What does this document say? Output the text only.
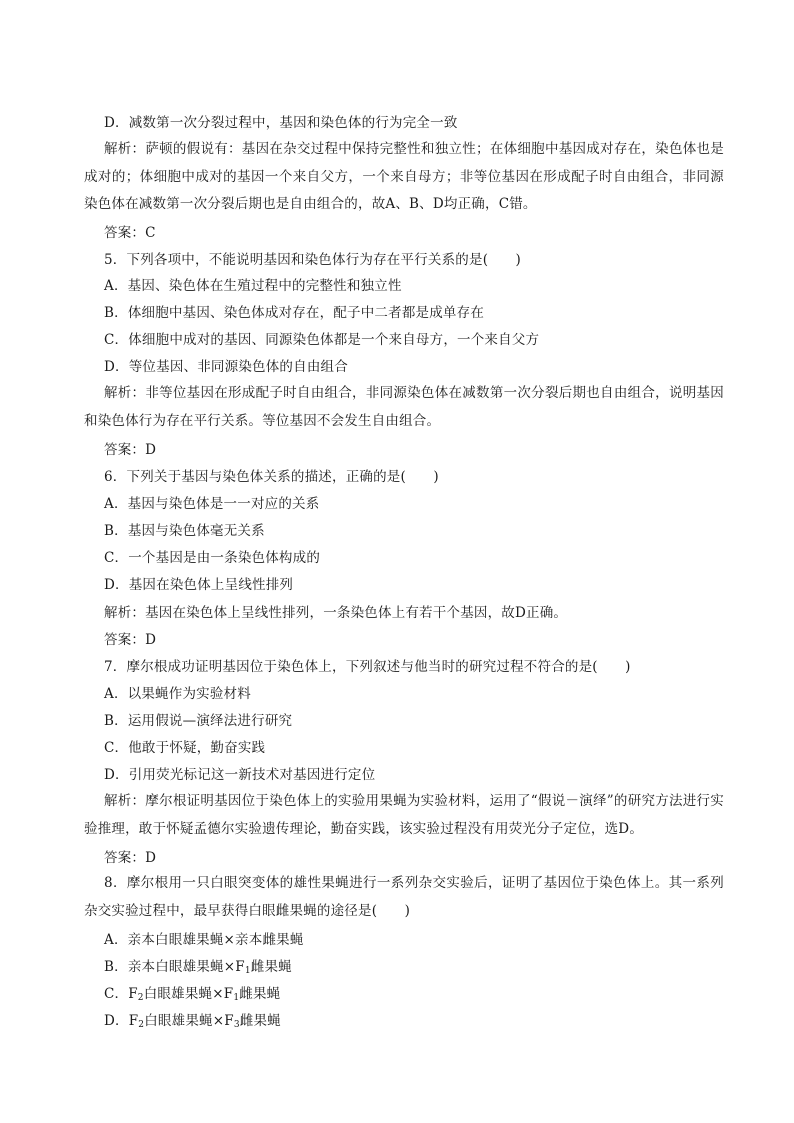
D．减数第一次分裂过程中，基因和染色体的行为完全一致
解析：萨顿的假说有：基因在杂交过程中保持完整性和独立性；在体细胞中基因成对存在，染色体也是成对的；体细胞中成对的基因一个来自父方，一个来自母方；非等位基因在形成配子时自由组合，非同源染色体在减数第一次分裂后期也是自由组合的，故A、B、D均正确，C错。
答案：C
5．下列各项中，不能说明基因和染色体行为存在平行关系的是(　　)
A．基因、染色体在生殖过程中的完整性和独立性
B．体细胞中基因、染色体成对存在，配子中二者都是成单存在
C．体细胞中成对的基因、同源染色体都是一个来自母方，一个来自父方
D．等位基因、非同源染色体的自由组合
解析：非等位基因在形成配子时自由组合，非同源染色体在减数第一次分裂后期也自由组合，说明基因和染色体行为存在平行关系。等位基因不会发生自由组合。
答案：D
6．下列关于基因与染色体关系的描述，正确的是(　　)
A．基因与染色体是一一对应的关系
B．基因与染色体毫无关系
C．一个基因是由一条染色体构成的
D．基因在染色体上呈线性排列
解析：基因在染色体上呈线性排列，一条染色体上有若干个基因，故D正确。
答案：D
7．摩尔根成功证明基因位于染色体上，下列叙述与他当时的研究过程不符合的是(　　)
A．以果蝇作为实验材料
B．运用假说—演绎法进行研究
C．他敢于怀疑，勤奋实践
D．引用荧光标记这一新技术对基因进行定位
解析：摩尔根证明基因位于染色体上的实验用果蝇为实验材料，运用了“假说－演绎”的研究方法进行实验推理，敢于怀疑孟德尔实验遗传理论，勤奋实践，该实验过程没有用荧光分子定位，选D。
答案：D
8．摩尔根用一只白眼突变体的雄性果蝇进行一系列杂交实验后，证明了基因位于染色体上。其一系列杂交实验过程中，最早获得白眼雌果蝇的途径是(　　)
A．亲本白眼雄果蝇×亲本雌果蝇
B．亲本白眼雄果蝇$\times F_1$雌果蝇
C．$F_2$白眼雄果蝇$\times F_1$雌果蝇
D．$F_2$白眼雄果蝇$\times F_3$雌果蝇
